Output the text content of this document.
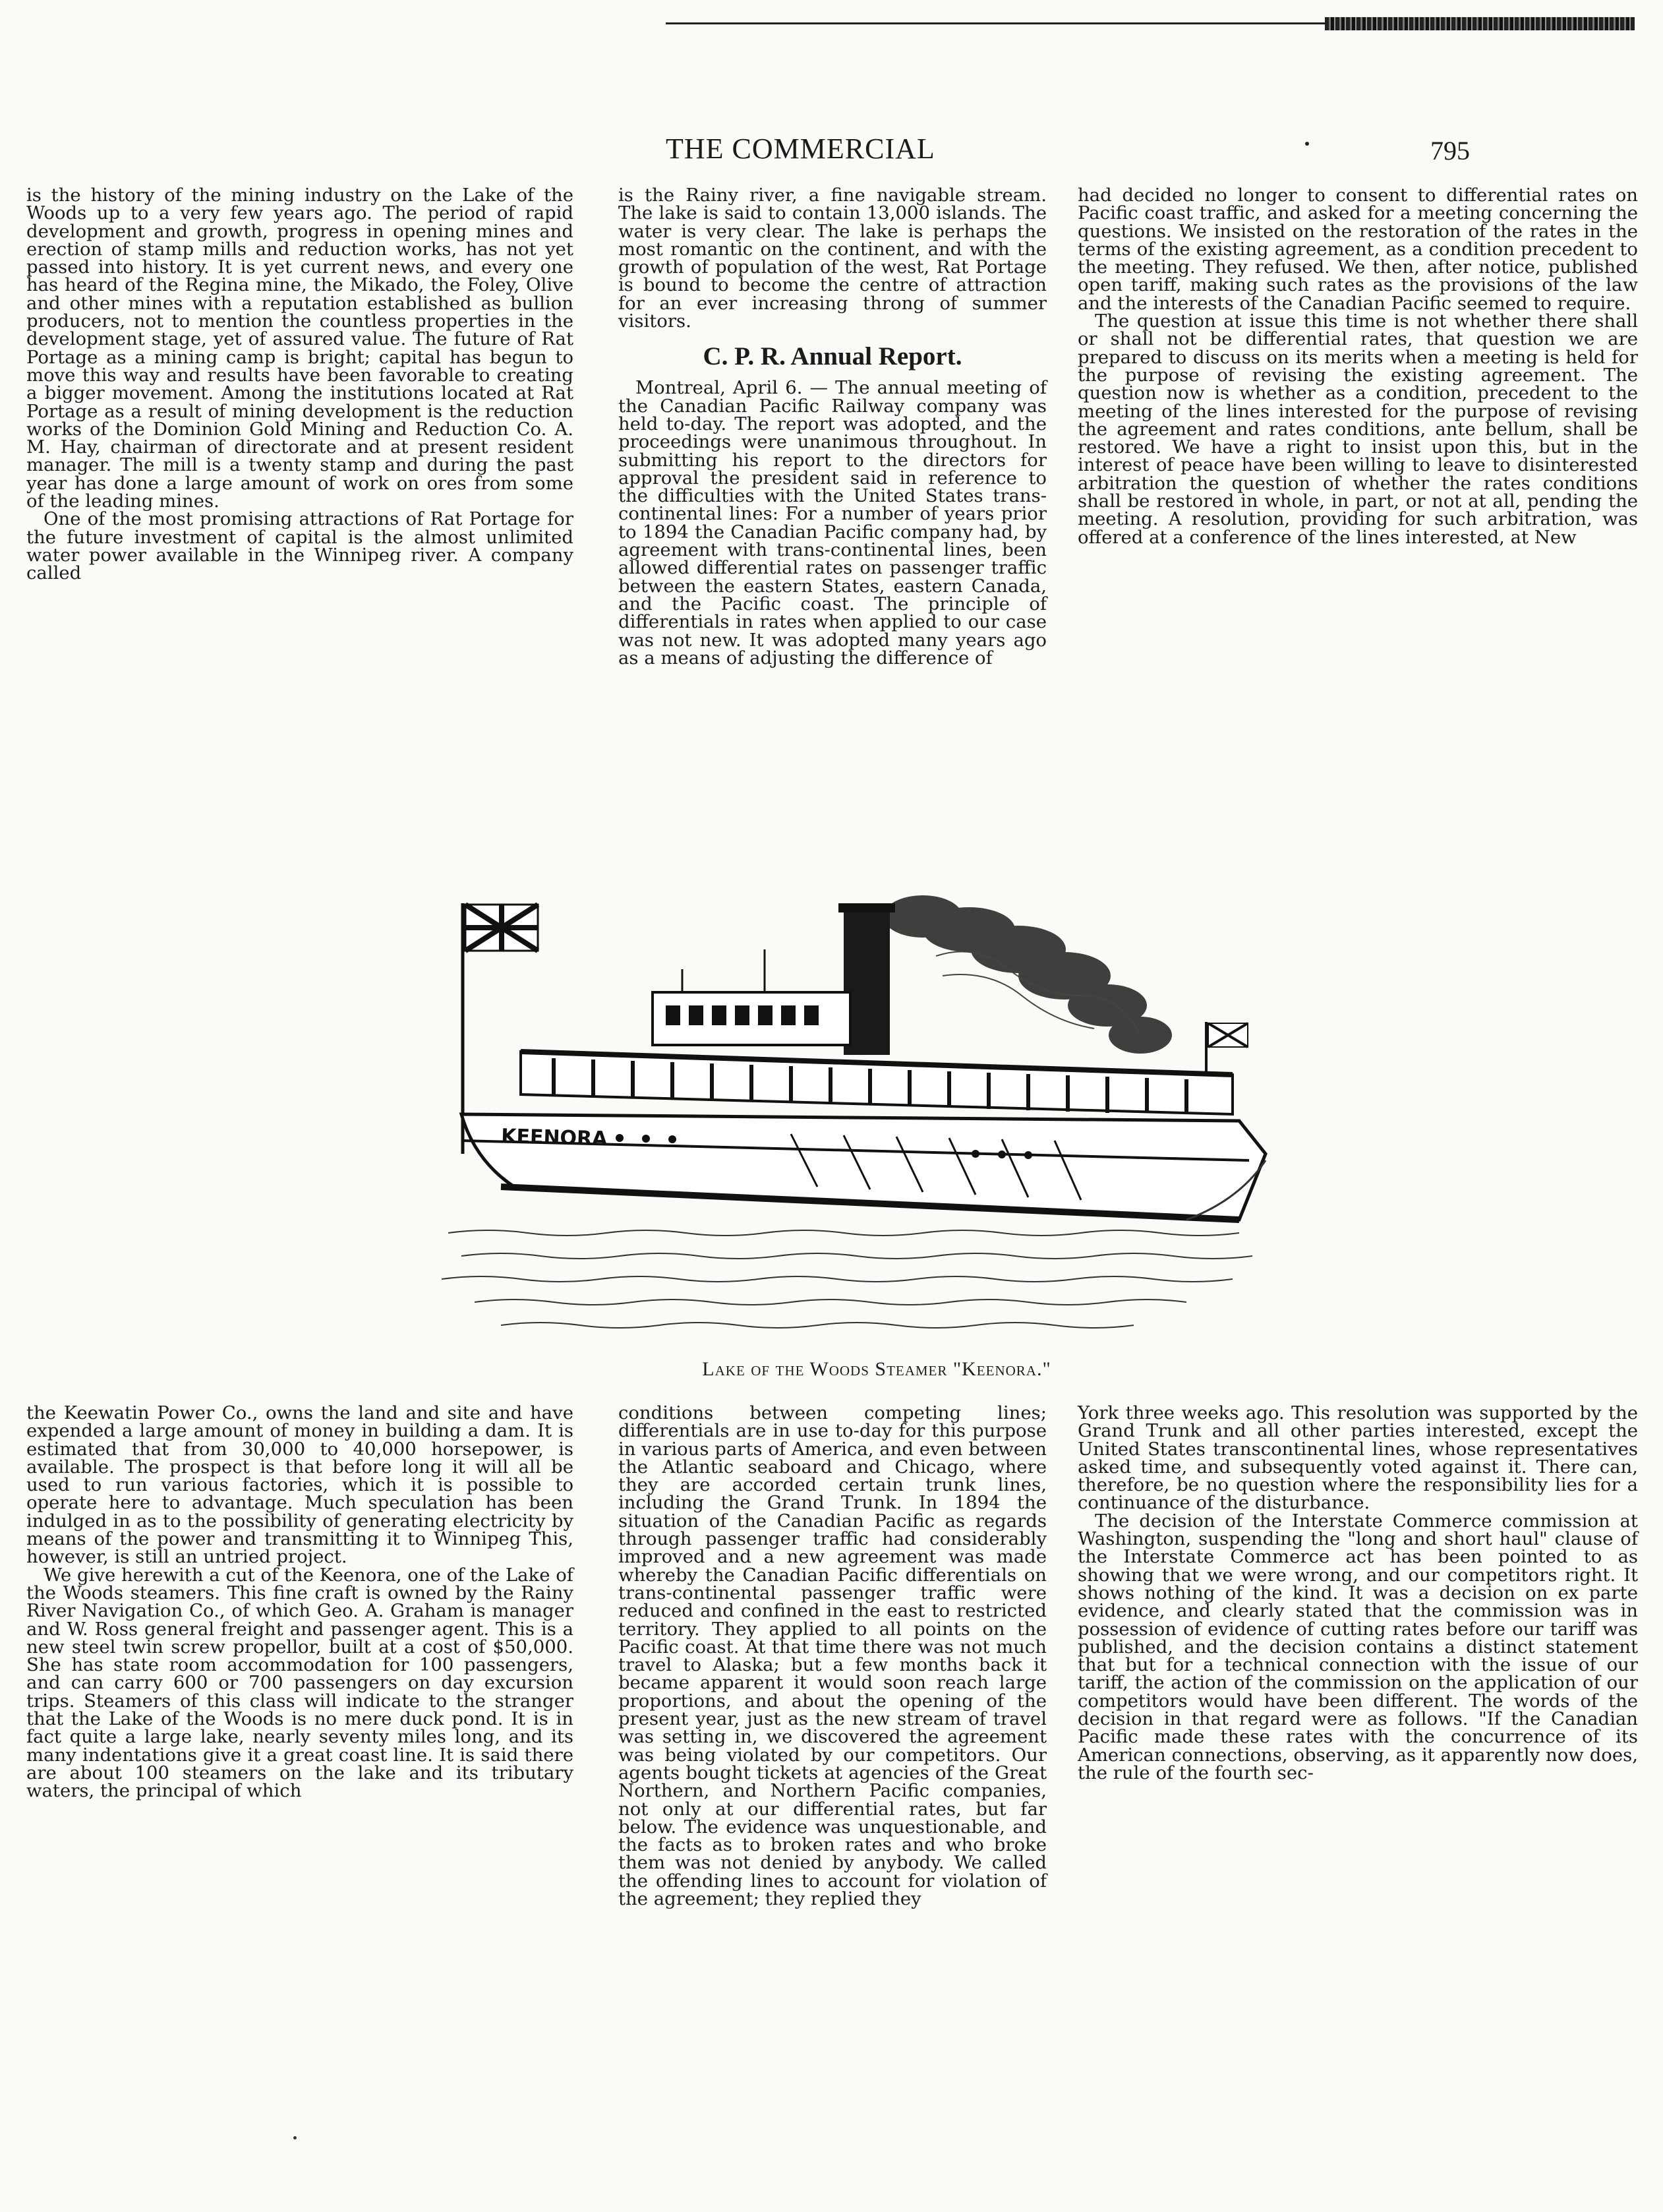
THE COMMERCIAL	795

is the history of the mining industry on the Lake of the Woods up to a very few years ago. The period of rapid development and growth, progress in opening mines and erection of stamp mills and reduction works, has not yet passed into history. It is yet current news, and every one has heard of the Regina mine, the Mikado, the Foley, Olive and other mines with a reputation established as bullion producers, not to mention the countless properties in the development stage, yet of assured value. The future of Rat Portage as a mining camp is bright; capital has begun to move this way and results have been favorable to creating a bigger movement. Among the institutions located at Rat Portage as a result of mining development is the reduction works of the Dominion Gold Mining and Reduction Co. A. M. Hay, chairman of directorate and at present resident manager. The mill is a twenty stamp and during the past year has done a large amount of work on ores from some of the leading mines.

One of the most promising attractions of Rat Portage for the future investment of capital is the almost unlimited water power available in the Winnipeg river. A company called

is the Rainy river, a fine navigable stream. The lake is said to contain 13,000 islands. The water is very clear. The lake is perhaps the most romantic on the continent, and with the growth of population of the west, Rat Portage is bound to become the centre of attraction for an ever increasing throng of summer visitors.

C. P. R. Annual Report.

Montreal, April 6. — The annual meeting of the Canadian Pacific Railway company was held to-day. The report was adopted, and the proceedings were unanimous throughout. In submitting his report to the directors for approval the president said in reference to the difficulties with the United States trans-continental lines: For a number of years prior to 1894 the Canadian Pacific company had, by agreement with trans-continental lines, been allowed differential rates on passenger traffic between the eastern States, eastern Canada, and the Pacific coast. The principle of differentials in rates when applied to our case was not new. It was adopted many years ago as a means of adjusting the difference of

had decided no longer to consent to differential rates on Pacific coast traffic, and asked for a meeting concerning the questions. We insisted on the restoration of the rates in the terms of the existing agreement, as a condition precedent to the meeting. They refused. We then, after notice, published open tariff, making such rates as the provisions of the law and the interests of the Canadian Pacific seemed to require.

The question at issue this time is not whether there shall or shall not be differential rates, that question we are prepared to discuss on its merits when a meeting is held for the purpose of revising the existing agreement. The question now is whether as a condition, precedent to the meeting of the lines interested for the purpose of revising the agreement and rates conditions, ante bellum, shall be restored. We have a right to insist upon this, but in the interest of peace have been willing to leave to disinterested arbitration the question of whether the rates conditions shall be restored in whole, in part, or not at all, pending the meeting. A resolution, providing for such arbitration, was offered at a conference of the lines interested, at New

KEENORA
Lake of the Woods Steamer "Keenora."

the Keewatin Power Co., owns the land and site and have expended a large amount of money in building a dam. It is estimated that from 30,000 to 40,000 horsepower, is available. The prospect is that before long it will all be used to run various factories, which it is possible to operate here to advantage. Much speculation has been indulged in as to the possibility of generating electricity by means of the power and transmitting it to Winnipeg This, however, is still an untried project.

We give herewith a cut of the Keenora, one of the Lake of the Woods steamers. This fine craft is owned by the Rainy River Navigation Co., of which Geo. A. Graham is manager and W. Ross general freight and passenger agent. This is a new steel twin screw propellor, built at a cost of $50,000. She has state room accommodation for 100 passengers, and can carry 600 or 700 passengers on day excursion trips. Steamers of this class will indicate to the stranger that the Lake of the Woods is no mere duck pond. It is in fact quite a large lake, nearly seventy miles long, and its many indentations give it a great coast line. It is said there are about 100 steamers on the lake and its tributary waters, the principal of which

conditions between competing lines; differentials are in use to-day for this purpose in various parts of America, and even between the Atlantic seaboard and Chicago, where they are accorded certain trunk lines, including the Grand Trunk. In 1894 the situation of the Canadian Pacific as regards through passenger traffic had considerably improved and a new agreement was made whereby the Canadian Pacific differentials on trans-continental passenger traffic were reduced and confined in the east to restricted territory. They applied to all points on the Pacific coast. At that time there was not much travel to Alaska; but a few months back it became apparent it would soon reach large proportions, and about the opening of the present year, just as the new stream of travel was setting in, we discovered the agreement was being violated by our competitors. Our agents bought tickets at agencies of the Great Northern, and Northern Pacific companies, not only at our differential rates, but far below. The evidence was unquestionable, and the facts as to broken rates and who broke them was not denied by anybody. We called the offending lines to account for violation of the agreement; they replied they

York three weeks ago. This resolution was supported by the Grand Trunk and all other parties interested, except the United States transcontinental lines, whose representatives asked time, and subsequently voted against it. There can, therefore, be no question where the responsibility lies for a continuance of the disturbance.

The decision of the Interstate Commerce commission at Washington, suspending the "long and short haul" clause of the Interstate Commerce act has been pointed to as showing that we were wrong, and our competitors right. It shows nothing of the kind. It was a decision on ex parte evidence, and clearly stated that the commission was in possession of evidence of cutting rates before our tariff was published, and the decision contains a distinct statement that but for a technical connection with the issue of our tariff, the action of the commission on the application of our competitors would have been different. The words of the decision in that regard were as follows. "If the Canadian Pacific made these rates with the concurrence of its American connections, observing, as it apparently now does, the rule of the fourth sec-
